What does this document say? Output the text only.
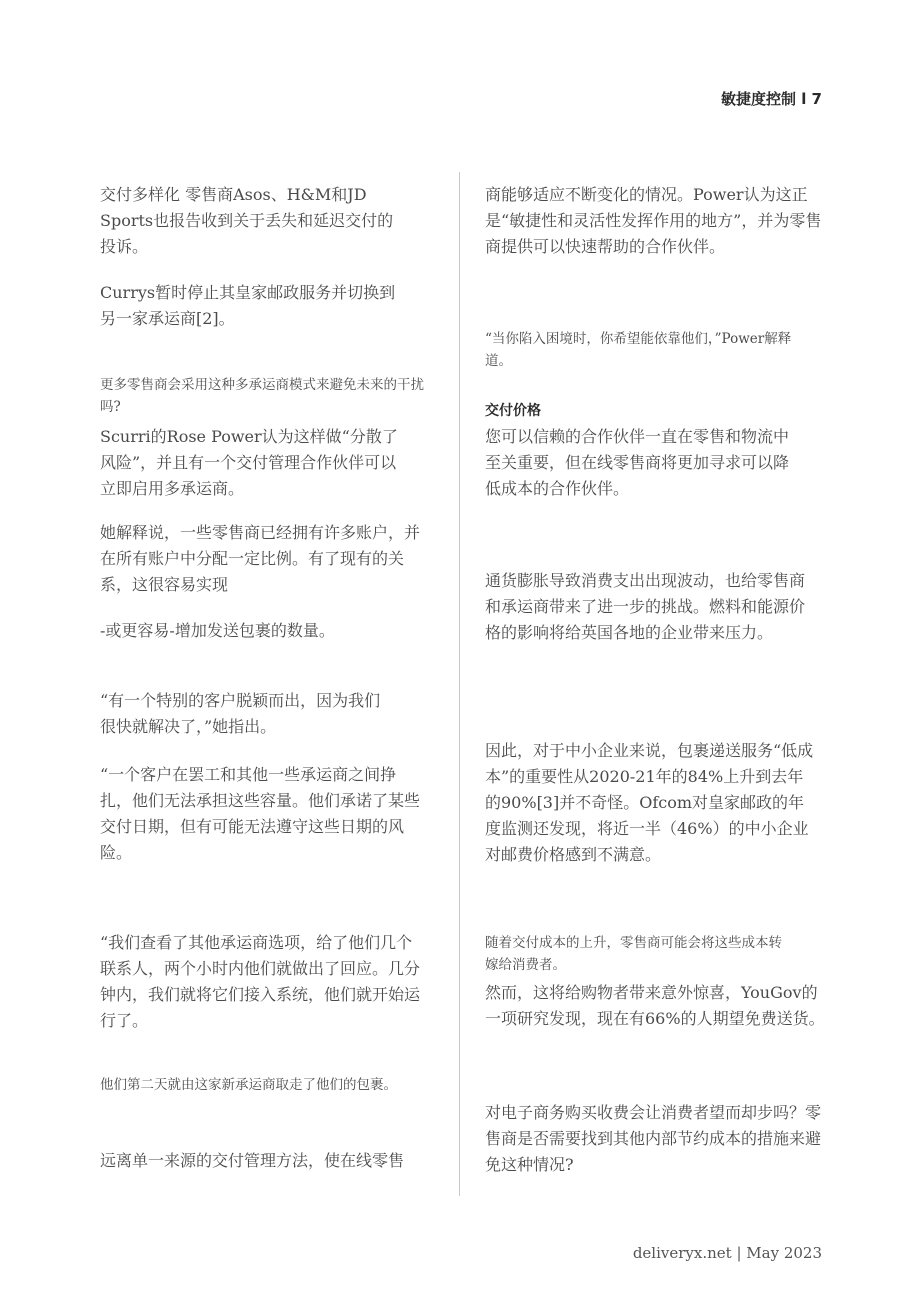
敏捷度控制 l 7

交付多样化 零售商Asos、H&M和JD Sports也报告收到关于丢失和延迟交付的投诉。

Currys暂时停止其皇家邮政服务并切换到另一家承运商[2]。

更多零售商会采用这种多承运商模式来避免未来的干扰吗?

Scurri的Rose Power认为这样做“分散了风险”，并且有一个交付管理合作伙伴可以立即启用多承运商。

她解释说，一些零售商已经拥有许多账户，并在所有账户中分配一定比例。有了现有的关系，这很容易实现

-或更容易-增加发送包裹的数量。

“有一个特别的客户脱颖而出，因为我们很快就解决了，”她指出。

“一个客户在罢工和其他一些承运商之间挣扎，他们无法承担这些容量。他们承诺了某些交付日期，但有可能无法遵守这些日期的风险。

“我们查看了其他承运商选项，给了他们几个联系人，两个小时内他们就做出了回应。几分钟内，我们就将它们接入系统，他们就开始运行了。

他们第二天就由这家新承运商取走了他们的包裹。

远离单一来源的交付管理方法，使在线零售

商能够适应不断变化的情况。Power认为这正是“敏捷性和灵活性发挥作用的地方”，并为零售商提供可以快速帮助的合作伙伴。

“当你陷入困境时，你希望能依靠他们，”Power解释道。

交付价格

您可以信赖的合作伙伴一直在零售和物流中至关重要，但在线零售商将更加寻求可以降低成本的合作伙伴。

通货膨胀导致消费支出出现波动，也给零售商和承运商带来了进一步的挑战。燃料和能源价格的影响将给英国各地的企业带来压力。

因此，对于中小企业来说，包裹递送服务“低成本”的重要性从2020-21年的84%上升到去年的90%[3]并不奇怪。Ofcom对皇家邮政的年度监测还发现，将近一半（46%）的中小企业对邮费价格感到不满意。

随着交付成本的上升，零售商可能会将这些成本转嫁给消费者。

然而，这将给购物者带来意外惊喜，YouGov的一项研究发现，现在有66%的人期望免费送货。

对电子商务购买收费会让消费者望而却步吗？零售商是否需要找到其他内部节约成本的措施来避免这种情况?

deliveryx.net | May 2023
